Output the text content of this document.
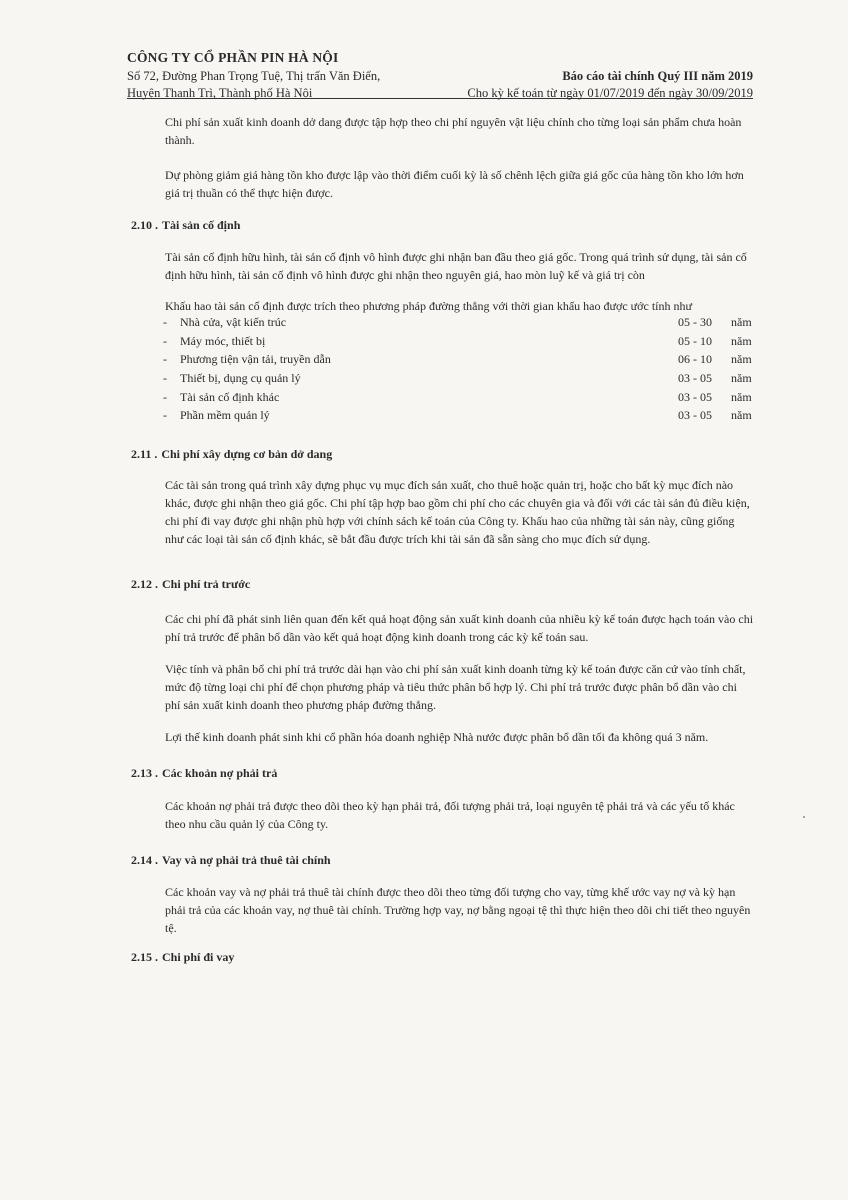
CÔNG TY CỔ PHẦN PIN HÀ NỘI
Số 72, Đường Phan Trọng Tuệ, Thị trấn Văn Điển,	Báo cáo tài chính Quý III năm 2019
Huyện Thanh Trì, Thành phố Hà Nội	Cho kỳ kế toán từ ngày 01/07/2019 đến ngày 30/09/2019

Chi phí sản xuất kinh doanh dở dang được tập hợp theo chi phí nguyên vật liệu chính cho từng loại sản phẩm chưa hoàn thành.

Dự phòng giảm giá hàng tồn kho được lập vào thời điểm cuối kỳ là số chênh lệch giữa giá gốc của hàng tồn kho lớn hơn giá trị thuần có thể thực hiện được.

2.10 . Tài sản cố định

Tài sản cố định hữu hình, tài sản cố định vô hình được ghi nhận ban đầu theo giá gốc. Trong quá trình sử dụng, tài sản cố định hữu hình, tài sản cố định vô hình được ghi nhận theo nguyên giá, hao mòn luỹ kế và giá trị còn

Khấu hao tài sản cố định được trích theo phương pháp đường thẳng với thời gian khấu hao được ước tính như

- Nhà cửa, vật kiến trúc	05 - 30 năm
- Máy móc, thiết bị	05 - 10 năm
- Phương tiện vận tải, truyền dẫn	06 - 10 năm
- Thiết bị, dụng cụ quản lý	03 - 05 năm
- Tài sản cố định khác	03 - 05 năm
- Phần mềm quản lý	03 - 05 năm
2.11 . Chi phí xây dựng cơ bản dở dang

Các tài sản trong quá trình xây dựng phục vụ mục đích sản xuất, cho thuê hoặc quản trị, hoặc cho bất kỳ mục đích nào khác, được ghi nhận theo giá gốc. Chi phí tập hợp bao gồm chi phí cho các chuyên gia và đối với các tài sản đủ điều kiện, chi phí đi vay được ghi nhận phù hợp với chính sách kế toán của Công ty. Khấu hao của những tài sản này, cũng giống như các loại tài sản cố định khác, sẽ bắt đầu được trích khi tài sản đã sẵn sàng cho mục đích sử dụng.

2.12 . Chi phí trả trước

Các chi phí đã phát sinh liên quan đến kết quả hoạt động sản xuất kinh doanh của nhiều kỳ kế toán được hạch toán vào chi phí trả trước để phân bổ dần vào kết quả hoạt động kinh doanh trong các kỳ kế toán sau.

Việc tính và phân bổ chi phí trả trước dài hạn vào chi phí sản xuất kinh doanh từng kỳ kế toán được căn cứ vào tính chất, mức độ từng loại chi phí để chọn phương pháp và tiêu thức phân bổ hợp lý. Chi phí trả trước được phân bổ dần vào chi phí sản xuất kinh doanh theo phương pháp đường thẳng.

Lợi thế kinh doanh phát sinh khi cổ phần hóa doanh nghiệp Nhà nước được phân bổ dần tối đa không quá 3 năm.

2.13 . Các khoản nợ phải trả

Các khoản nợ phải trả được theo dõi theo kỳ hạn phải trả, đối tượng phải trả, loại nguyên tệ phải trả và các yếu tố khác theo nhu cầu quản lý của Công ty.

2.14 . Vay và nợ phải trả thuê tài chính

Các khoản vay và nợ phải trả thuê tài chính được theo dõi theo từng đối tượng cho vay, từng khế ước vay nợ và kỳ hạn phải trả của các khoản vay, nợ thuê tài chính. Trường hợp vay, nợ bằng ngoại tệ thì thực hiện theo dõi chi tiết theo nguyên tệ.

2.15 . Chi phí đi vay
